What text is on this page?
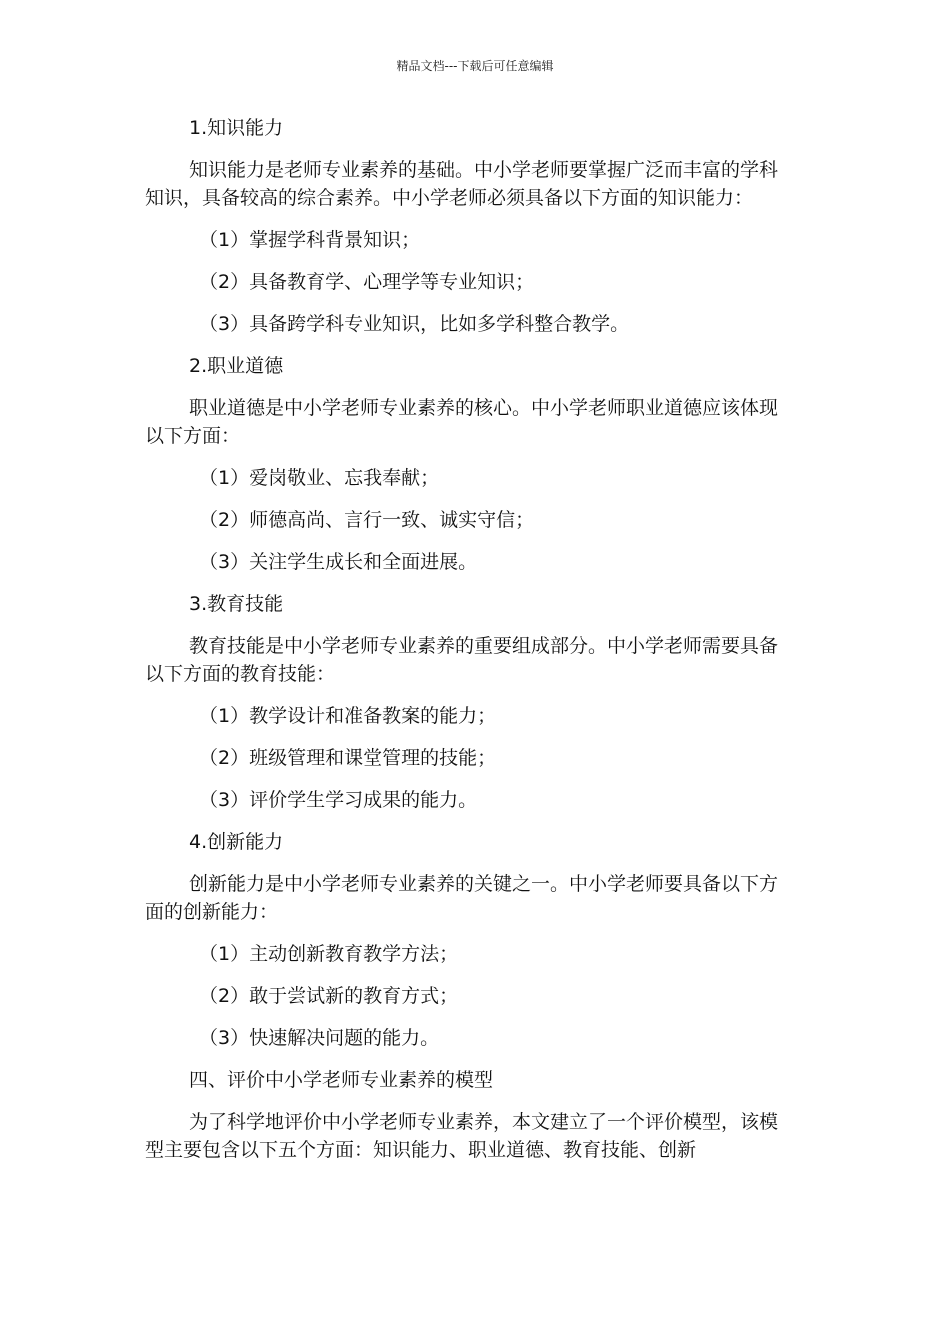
精品文档---下载后可任意编辑

1.知识能力

知识能力是老师专业素养的基础。中小学老师要掌握广泛而丰富的学科知识，具备较高的综合素养。中小学老师必须具备以下方面的知识能力：

（1）掌握学科背景知识；

（2）具备教育学、心理学等专业知识；

（3）具备跨学科专业知识，比如多学科整合教学。

2.职业道德

职业道德是中小学老师专业素养的核心。中小学老师职业道德应该体现以下方面：

（1）爱岗敬业、忘我奉献；

（2）师德高尚、言行一致、诚实守信；

（3）关注学生成长和全面进展。

3.教育技能

教育技能是中小学老师专业素养的重要组成部分。中小学老师需要具备以下方面的教育技能：

（1）教学设计和准备教案的能力；

（2）班级管理和课堂管理的技能；

（3）评价学生学习成果的能力。

4.创新能力

创新能力是中小学老师专业素养的关键之一。中小学老师要具备以下方面的创新能力：

（1）主动创新教育教学方法；

（2）敢于尝试新的教育方式；

（3）快速解决问题的能力。

四、评价中小学老师专业素养的模型

为了科学地评价中小学老师专业素养，本文建立了一个评价模型，该模型主要包含以下五个方面：知识能力、职业道德、教育技能、创新
